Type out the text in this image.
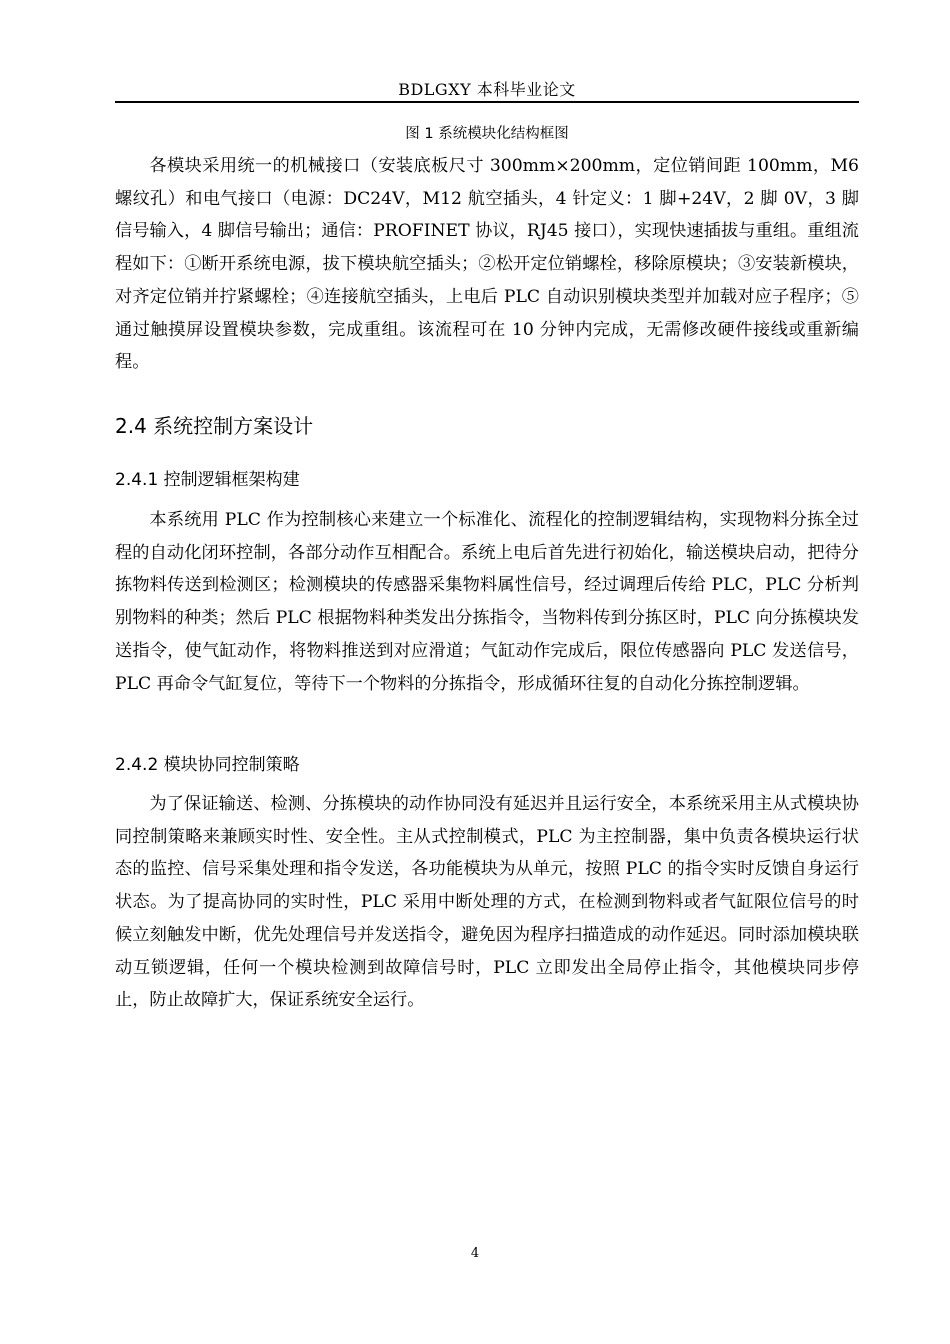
BDLGXY 本科毕业论文
图 1 系统模块化结构框图

各模块采用统一的机械接口（安装底板尺寸 300mm×200mm，定位销间距 100mm，M6 螺纹孔）和电气接口（电源：DC24V，M12 航空插头，4 针定义：1 脚+24V，2 脚 0V，3 脚信号输入，4 脚信号输出；通信：PROFINET 协议，RJ45 接口），实现快速插拔与重组。重组流程如下：①断开系统电源，拔下模块航空插头；②松开定位销螺栓，移除原模块；③安装新模块，对齐定位销并拧紧螺栓；④连接航空插头，上电后 PLC 自动识别模块类型并加载对应子程序；⑤通过触摸屏设置模块参数，完成重组。该流程可在 10 分钟内完成，无需修改硬件接线或重新编程。

2.4 系统控制方案设计
2.4.1 控制逻辑框架构建

本系统用 PLC 作为控制核心来建立一个标准化、流程化的控制逻辑结构，实现物料分拣全过程的自动化闭环控制，各部分动作互相配合。系统上电后首先进行初始化，输送模块启动，把待分拣物料传送到检测区；检测模块的传感器采集物料属性信号，经过调理后传给 PLC，PLC 分析判别物料的种类；然后 PLC 根据物料种类发出分拣指令，当物料传到分拣区时，PLC 向分拣模块发送指令，使气缸动作，将物料推送到对应滑道；气缸动作完成后，限位传感器向 PLC 发送信号，PLC 再命令气缸复位，等待下一个物料的分拣指令，形成循环往复的自动化分拣控制逻辑。

2.4.2 模块协同控制策略

为了保证输送、检测、分拣模块的动作协同没有延迟并且运行安全，本系统采用主从式模块协同控制策略来兼顾实时性、安全性。主从式控制模式，PLC 为主控制器，集中负责各模块运行状态的监控、信号采集处理和指令发送，各功能模块为从单元，按照 PLC 的指令实时反馈自身运行状态。为了提高协同的实时性，PLC 采用中断处理的方式，在检测到物料或者气缸限位信号的时候立刻触发中断，优先处理信号并发送指令，避免因为程序扫描造成的动作延迟。同时添加模块联动互锁逻辑，任何一个模块检测到故障信号时，PLC 立即发出全局停止指令，其他模块同步停止，防止故障扩大，保证系统安全运行。

4
